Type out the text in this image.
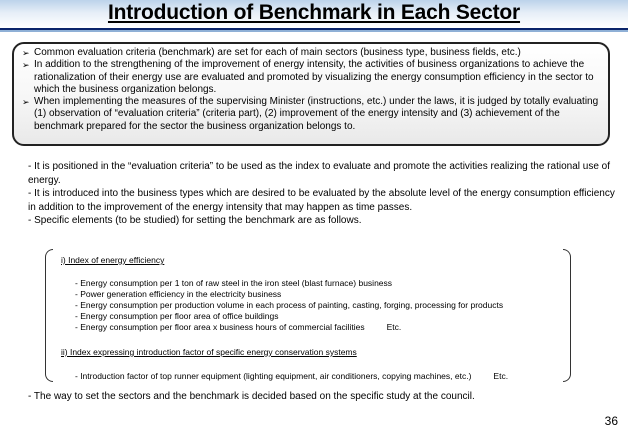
Introduction of Benchmark in Each Sector

➢ Common evaluation criteria (benchmark) are set for each of main sectors (business type, business fields, etc.)

➢ In addition to the strengthening of the improvement of energy intensity, the activities of business organizations to achieve the rationalization of their energy use are evaluated and promoted by visualizing the energy consumption efficiency in the sector to which the business organization belongs.

➢ When implementing the measures of the supervising Minister (instructions, etc.) under the laws, it is judged by totally evaluating (1) observation of “evaluation criteria” (criteria part), (2) improvement of the energy intensity and (3) achievement of the benchmark prepared for the sector the business organization belongs to.

- It is positioned in the “evaluation criteria” to be used as the index to evaluate and promote the activities realizing the rational use of energy.

- It is introduced into the business types which are desired to be evaluated by the absolute level of the energy consumption efficiency in addition to the improvement of the energy intensity that may happen as time passes.

- Specific elements (to be studied) for setting the benchmark are as follows.

i) Index of energy efficiency
- Energy consumption per 1 ton of raw steel in the iron steel (blast furnace) business
- Power generation efficiency in the electricity business
- Energy consumption per production volume in each process of painting, casting, forging, processing for products
- Energy consumption per floor area of office buildings
- Energy consumption per floor area x business hours of commercial facilities	Etc.
ii) Index expressing introduction factor of specific energy conservation systems
- Introduction factor of top runner equipment (lighting equipment, air conditioners, copying machines, etc.)	Etc.
- The way to set the sectors and the benchmark is decided based on the specific study at the council.
36
